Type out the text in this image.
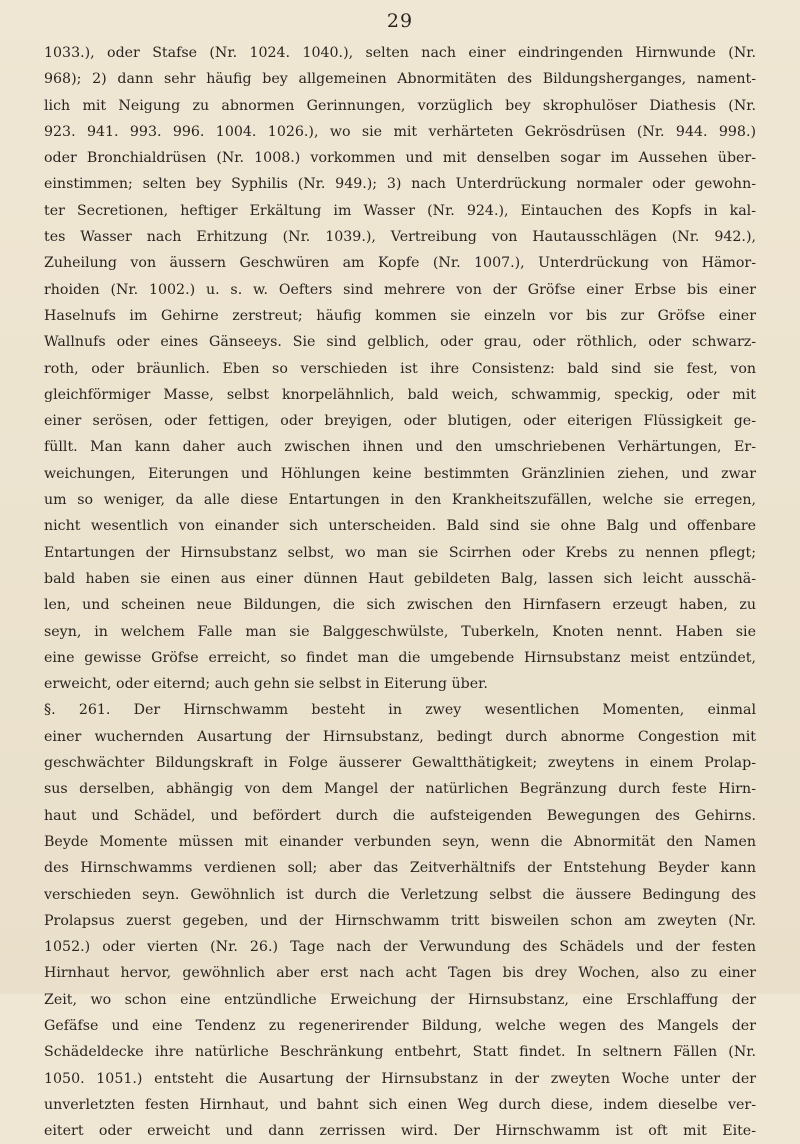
29
1033.), oder Stafse (Nr. 1024. 1040.), selten nach einer eindringenden Hirnwunde (Nr.
968); 2) dann sehr häufig bey allgemeinen Abnormitäten des Bildungsherganges, nament-
lich mit Neigung zu abnormen Gerinnungen, vorzüglich bey skrophulöser Diathesis (Nr.
923. 941. 993. 996. 1004. 1026.), wo sie mit verhärteten Gekrösdrüsen (Nr. 944. 998.)
oder Bronchialdrüsen (Nr. 1008.) vorkommen und mit denselben sogar im Aussehen über-
einstimmen; selten bey Syphilis (Nr. 949.); 3) nach Unterdrückung normaler oder gewohn-
ter Secretionen, heftiger Erkältung im Wasser (Nr. 924.), Eintauchen des Kopfs in kal-
tes Wasser nach Erhitzung (Nr. 1039.), Vertreibung von Hautausschlägen (Nr. 942.),
Zuheilung von äussern Geschwüren am Kopfe (Nr. 1007.), Unterdrückung von Hämor-
rhoiden (Nr. 1002.) u. s. w. Oefters sind mehrere von der Gröfse einer Erbse bis einer
Haselnufs im Gehirne zerstreut; häufig kommen sie einzeln vor bis zur Gröfse einer
Wallnufs oder eines Gänseeys. Sie sind gelblich, oder grau, oder röthlich, oder schwarz-
roth, oder bräunlich. Eben so verschieden ist ihre Consistenz: bald sind sie fest, von
gleichförmiger Masse, selbst knorpelähnlich, bald weich, schwammig, speckig, oder mit
einer serösen, oder fettigen, oder breyigen, oder blutigen, oder eiterigen Flüssigkeit ge-
füllt. Man kann daher auch zwischen ihnen und den umschriebenen Verhärtungen, Er-
weichungen, Eiterungen und Höhlungen keine bestimmten Gränzlinien ziehen, und zwar
um so weniger, da alle diese Entartungen in den Krankheitszufällen, welche sie erregen,
nicht wesentlich von einander sich unterscheiden. Bald sind sie ohne Balg und offenbare
Entartungen der Hirnsubstanz selbst, wo man sie Scirrhen oder Krebs zu nennen pflegt;
bald haben sie einen aus einer dünnen Haut gebildeten Balg, lassen sich leicht ausschä-
len, und scheinen neue Bildungen, die sich zwischen den Hirnfasern erzeugt haben, zu
seyn, in welchem Falle man sie Balggeschwülste, Tuberkeln, Knoten nennt. Haben sie
eine gewisse Gröfse erreicht, so findet man die umgebende Hirnsubstanz meist entzündet,
erweicht, oder eiternd; auch gehn sie selbst in Eiterung über.
§. 261. Der Hirnschwamm besteht in zwey wesentlichen Momenten, einmal
einer wuchernden Ausartung der Hirnsubstanz, bedingt durch abnorme Congestion mit
geschwächter Bildungskraft in Folge äusserer Gewaltthätigkeit; zweytens in einem Prolap-
sus derselben, abhängig von dem Mangel der natürlichen Begränzung durch feste Hirn-
haut und Schädel, und befördert durch die aufsteigenden Bewegungen des Gehirns.
Beyde Momente müssen mit einander verbunden seyn, wenn die Abnormität den Namen
des Hirnschwamms verdienen soll; aber das Zeitverhältnifs der Entstehung Beyder kann
verschieden seyn. Gewöhnlich ist durch die Verletzung selbst die äussere Bedingung des
Prolapsus zuerst gegeben, und der Hirnschwamm tritt bisweilen schon am zweyten (Nr.
1052.) oder vierten (Nr. 26.) Tage nach der Verwundung des Schädels und der festen
Hirnhaut hervor, gewöhnlich aber erst nach acht Tagen bis drey Wochen, also zu einer
Zeit, wo schon eine entzündliche Erweichung der Hirnsubstanz, eine Erschlaffung der
Gefäfse und eine Tendenz zu regenerirender Bildung, welche wegen des Mangels der
Schädeldecke ihre natürliche Beschränkung entbehrt, Statt findet. In seltnern Fällen (Nr.
1050. 1051.) entsteht die Ausartung der Hirnsubstanz in der zweyten Woche unter der
unverletzten festen Hirnhaut, und bahnt sich einen Weg durch diese, indem dieselbe ver-
eitert oder erweicht und dann zerrissen wird. Der Hirnschwamm ist oft mit Eite-
